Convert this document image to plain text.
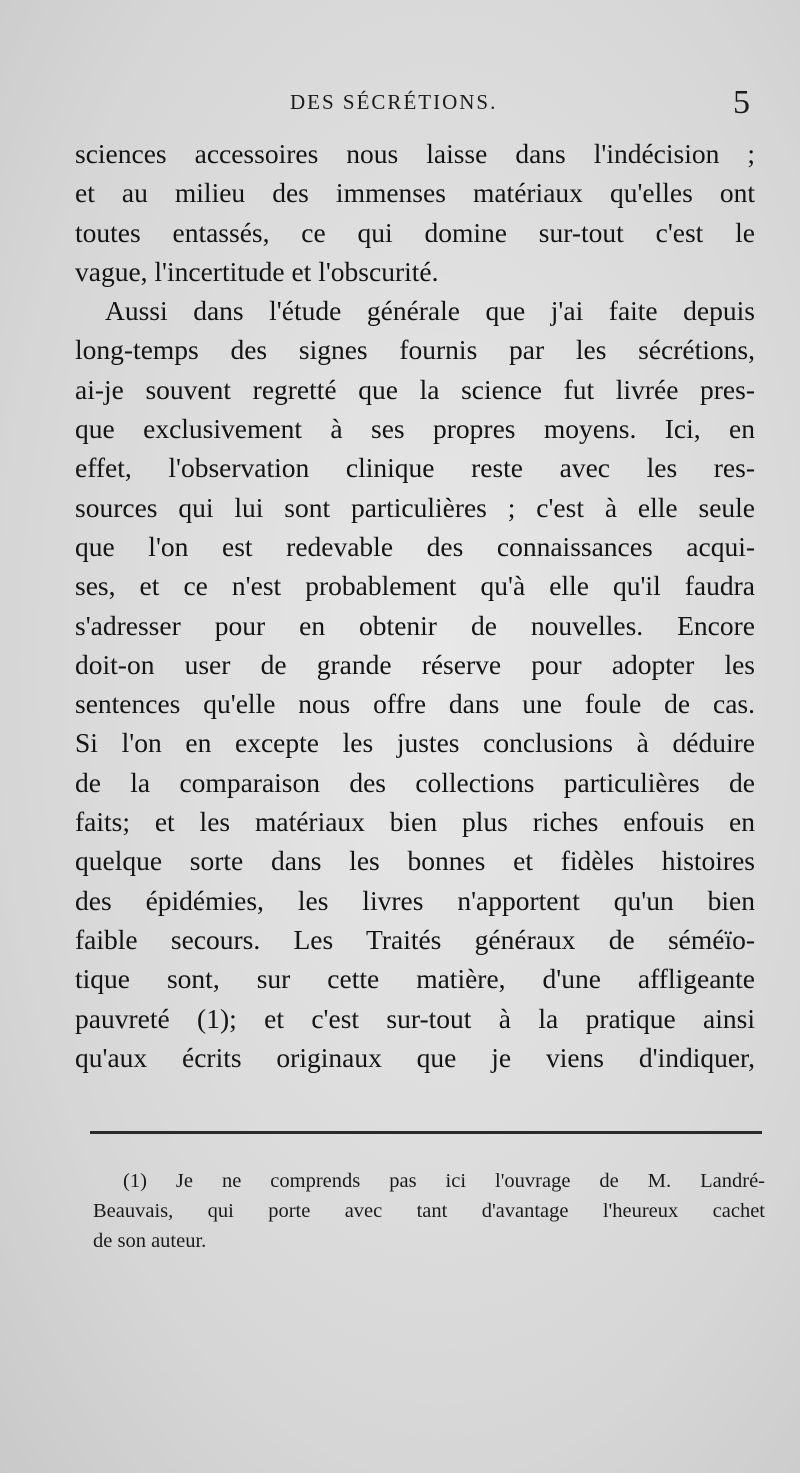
DES SÉCRÉTIONS.	5
sciences accessoires nous laisse dans l'indécision ;
et au milieu des immenses matériaux qu'elles ont
toutes entassés, ce qui domine sur-tout c'est le
vague, l'incertitude et l'obscurité.
Aussi dans l'étude générale que j'ai faite depuis
long-temps des signes fournis par les sécrétions,
ai-je souvent regretté que la science fut livrée pres-
que exclusivement à ses propres moyens. Ici, en
effet, l'observation clinique reste avec les res-
sources qui lui sont particulières ; c'est à elle seule
que l'on est redevable des connaissances acqui-
ses, et ce n'est probablement qu'à elle qu'il faudra
s'adresser pour en obtenir de nouvelles. Encore
doit-on user de grande réserve pour adopter les
sentences qu'elle nous offre dans une foule de cas.
Si l'on en excepte les justes conclusions à déduire
de la comparaison des collections particulières de
faits; et les matériaux bien plus riches enfouis en
quelque sorte dans les bonnes et fidèles histoires
des épidémies, les livres n'apportent qu'un bien
faible secours. Les Traités généraux de séméïo-
tique sont, sur cette matière, d'une affligeante
pauvreté (1); et c'est sur-tout à la pratique ainsi
qu'aux écrits originaux que je viens d'indiquer,
(1) Je ne comprends pas ici l'ouvrage de M. Landré-
Beauvais, qui porte avec tant d'avantage l'heureux cachet
de son auteur.
